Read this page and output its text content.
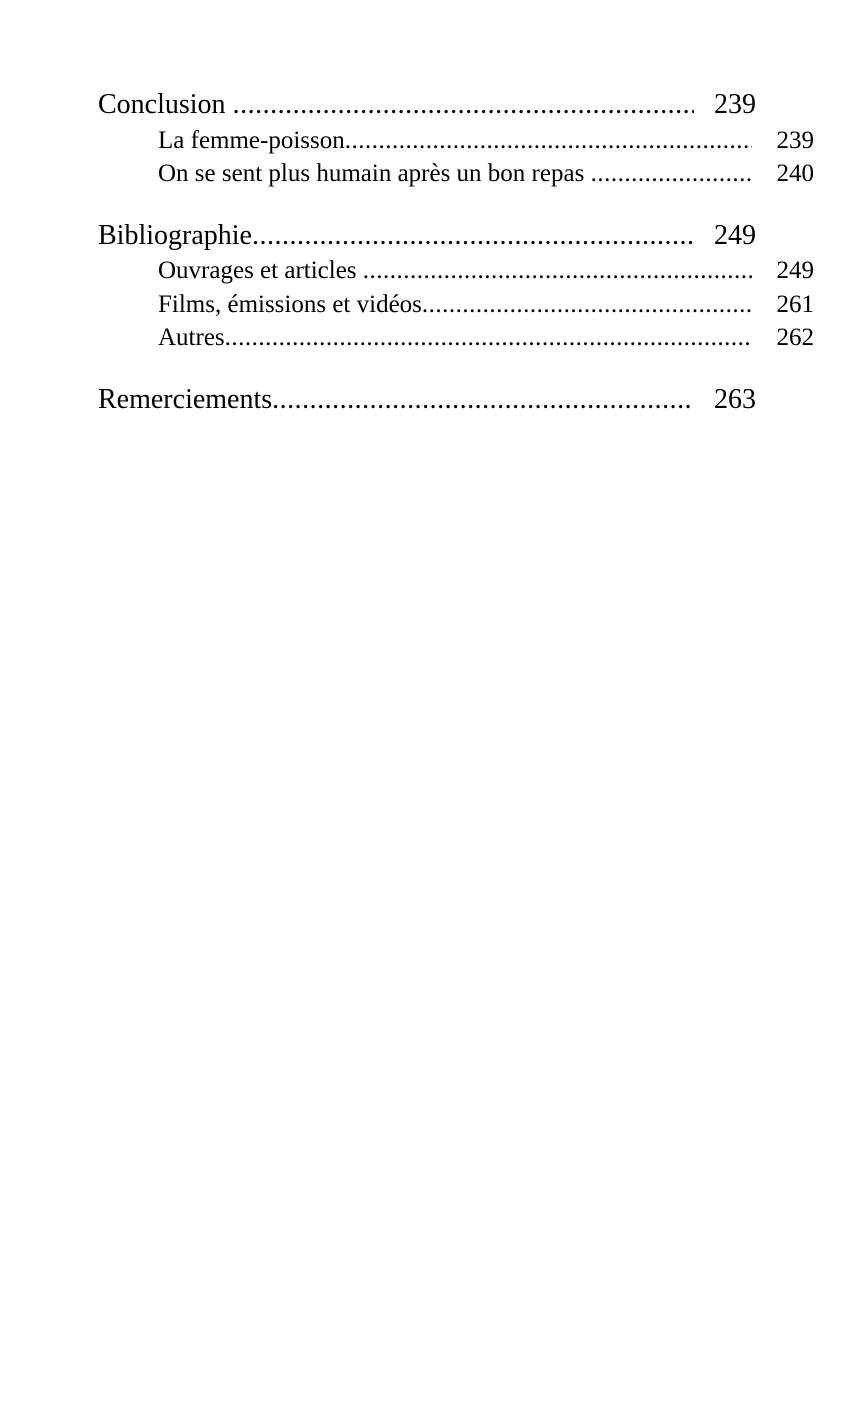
Conclusion .....	239
La femme-poisson .....	239
On se sent plus humain après un bon repas .....	240
Bibliographie .....	249
Ouvrages et articles .....	249
Films, émissions et vidéos .....	261
Autres .....	262
Remerciements .....	263
